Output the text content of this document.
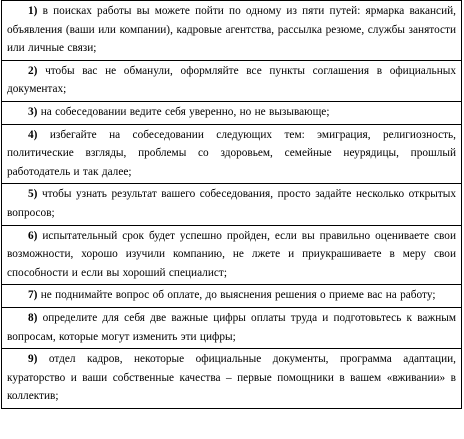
1) в поисках работы вы можете пойти по одному из пяти путей: ярмарка вакансий, объявления (ваши или компании), кадровые агентства, рассылка резюме, службы занятости или личные связи;
2) чтобы вас не обманули, оформляйте все пункты соглашения в официальных документах;
3) на собеседовании ведите себя уверенно, но не вызывающе;
4) избегайте на собеседовании следующих тем: эмиграция, религиозность, политические взгляды, проблемы со здоровьем, семейные неурядицы, прошлый работодатель и так далее;
5) чтобы узнать результат вашего собеседования, просто задайте несколько открытых вопросов;
6) испытательный срок будет успешно пройден, если вы правильно оцениваете свои возможности, хорошо изучили компанию, не лжете и приукрашиваете в меру свои способности и если вы хороший специалист;
7) не поднимайте вопрос об оплате, до выяснения решения о приеме вас на работу;
8) определите для себя две важные цифры оплаты труда и подготовьтесь к важным вопросам, которые могут изменить эти цифры;
9) отдел кадров, некоторые официальные документы, программа адаптации, кураторство и ваши собственные качества – первые помощники в вашем «вживании» в коллектив;
